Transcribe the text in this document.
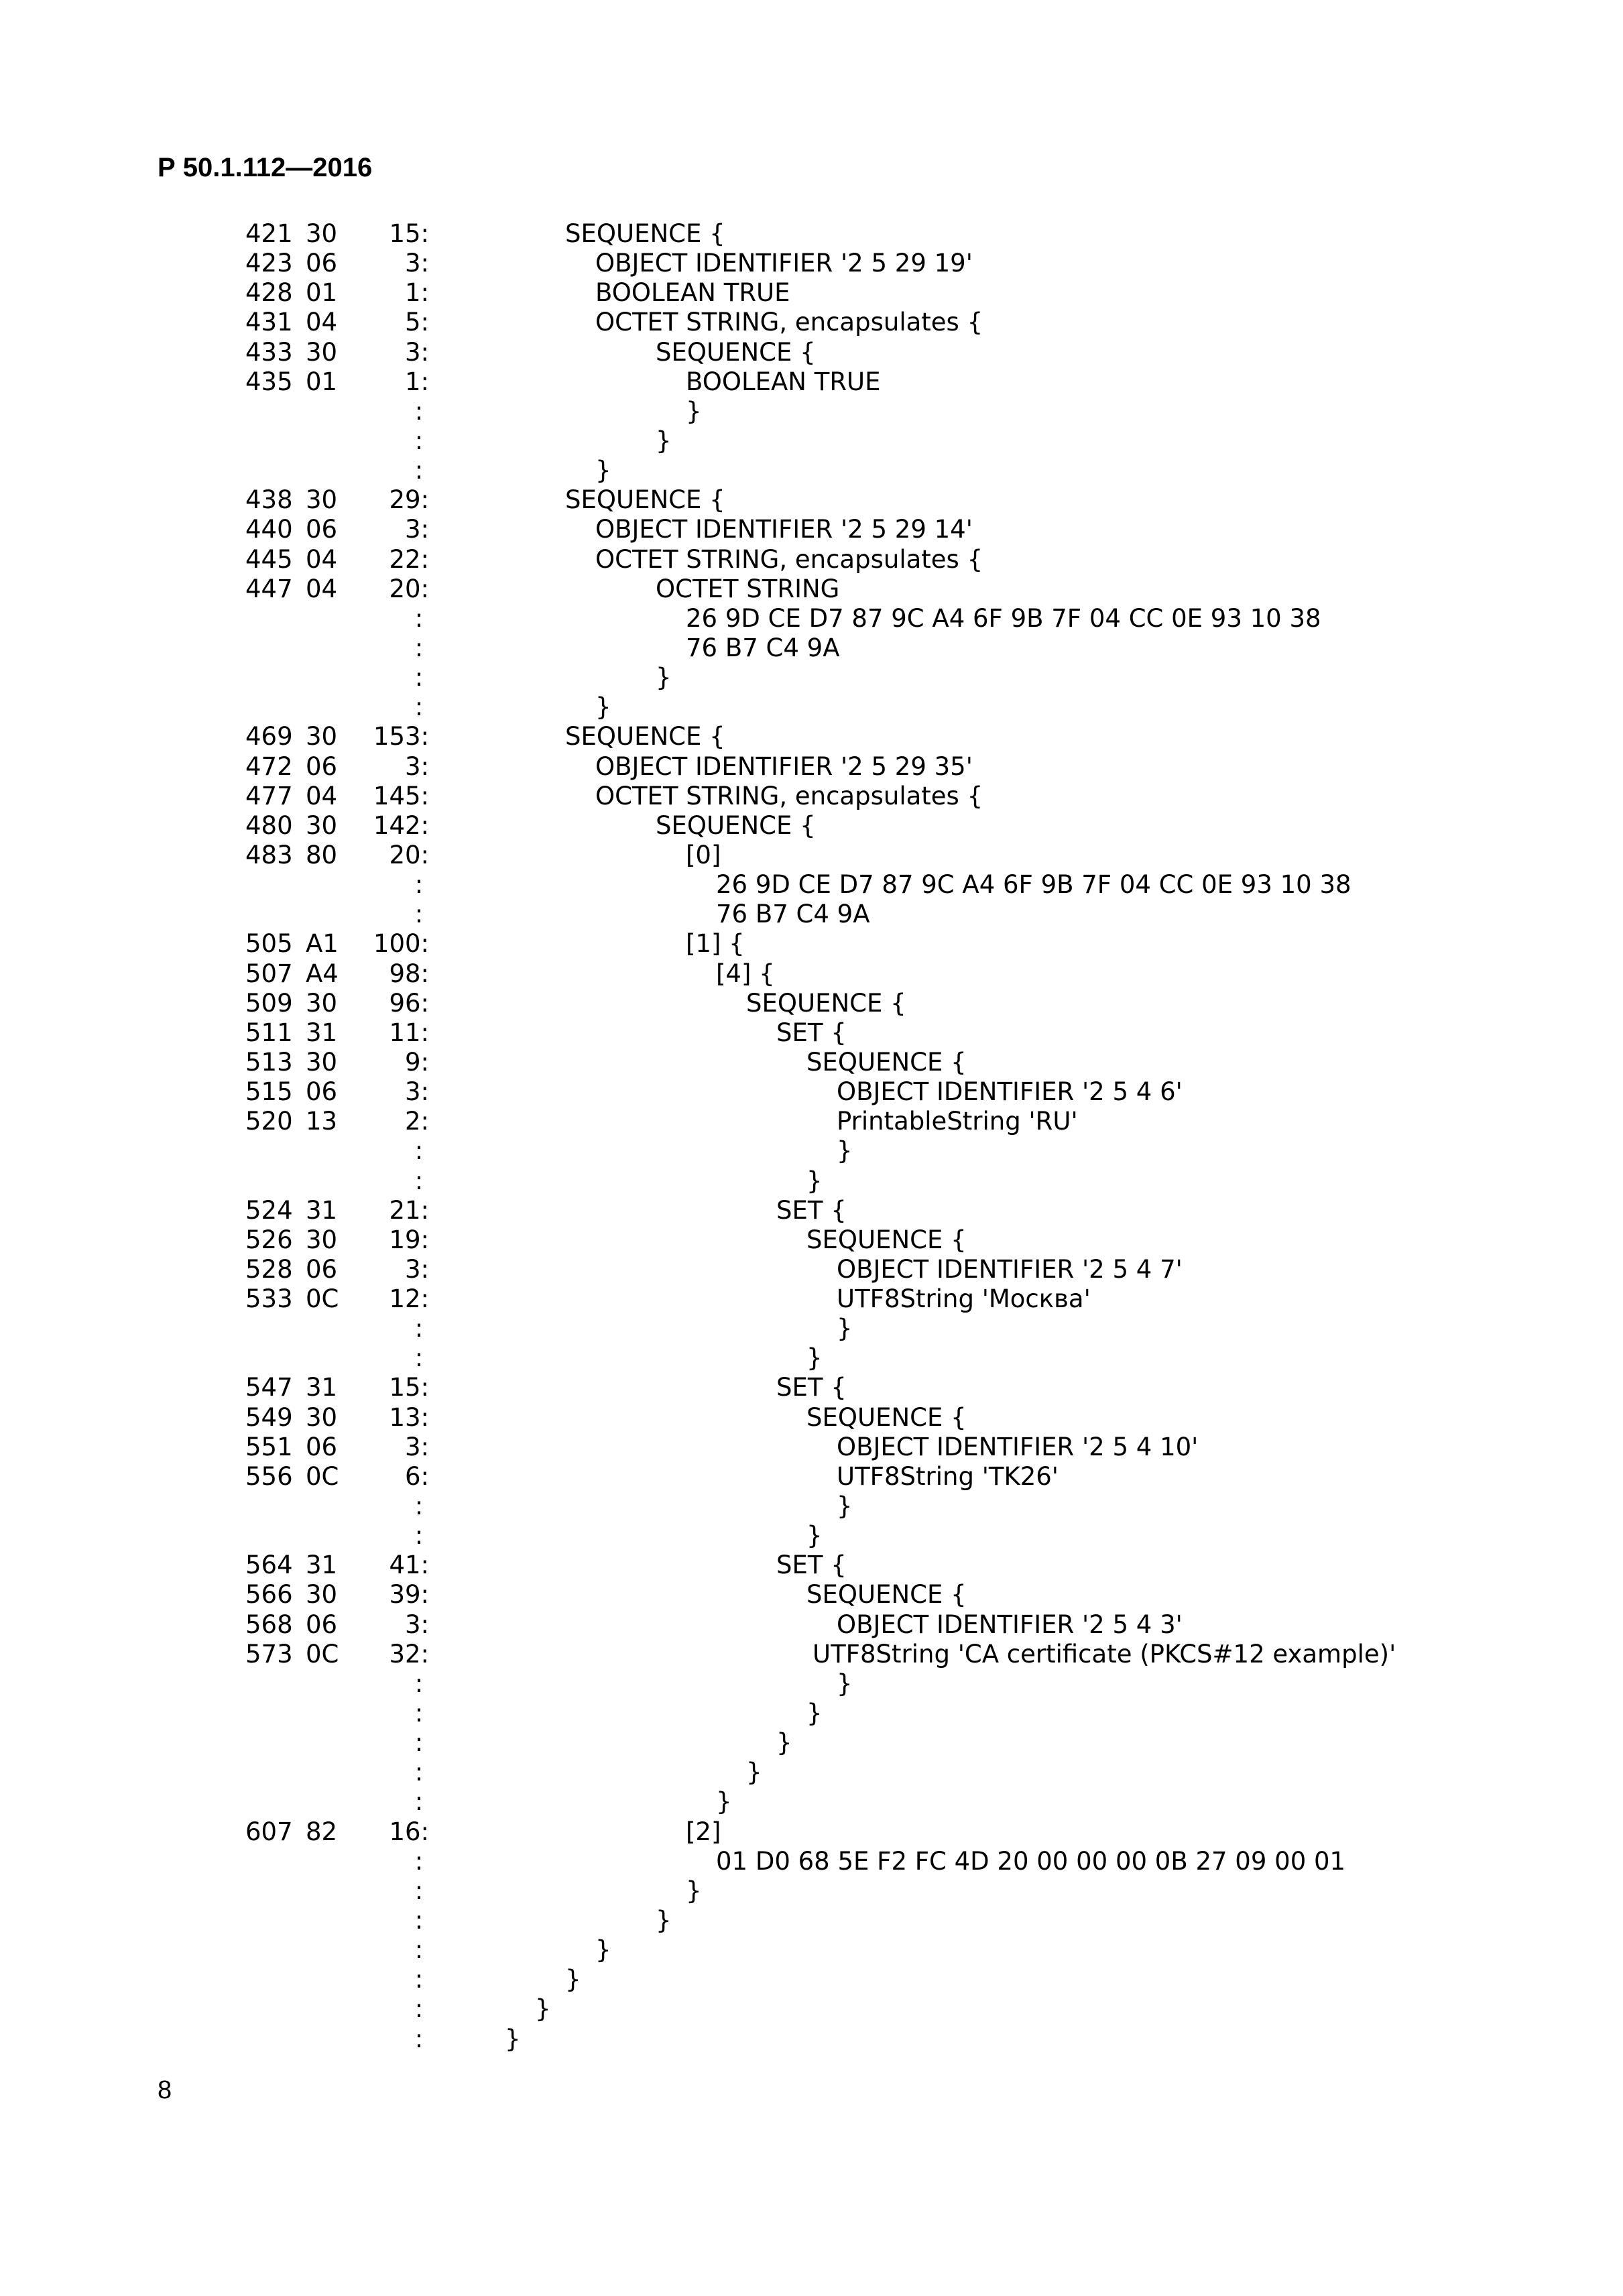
Р 50.1.112—2016
421 30	15:	SEQUENCE {
423 06	3:	OBJECT IDENTIFIER '2 5 29 19'
428 01	1:	BOOLEAN TRUE
431 04	5:	OCTET STRING, encapsulates {
433 30	3:	SEQUENCE {
435 01	1:	BOOLEAN TRUE
:	}
:	}
:	}
438 30	29:	SEQUENCE {
440 06	3:	OBJECT IDENTIFIER '2 5 29 14'
445 04	22:	OCTET STRING, encapsulates {
447 04	20:	OCTET STRING
:	26 9D CE D7 87 9C A4 6F 9B 7F 04 CC 0E 93 10 38
:	76 B7 C4 9A
:	}
:	}
469 30 153:	SEQUENCE {
472 06	3:	OBJECT IDENTIFIER '2 5 29 35'
477 04 145:	OCTET STRING, encapsulates {
480 30 142:	SEQUENCE {
483 80	20:	[0]
:	26 9D CE D7 87 9C A4 6F 9B 7F 04 CC 0E 93 10 38
:	76 B7 C4 9A
505 A1 100:	[1] {
507 A4	98:	[4] {
509 30	96:	SEQUENCE {
511 31	11:	SET {
513 30	9:	SEQUENCE {
515 06	3:	OBJECT IDENTIFIER '2 5 4 6'
520 13	2:	PrintableString 'RU'
:	}
:	}
524 31	21:	SET {
526 30	19:	SEQUENCE {
528 06	3:	OBJECT IDENTIFIER '2 5 4 7'
533 0C	12:	UTF8String 'Москва'
:	}
:	}
547 31	15:	SET {
549 30	13:	SEQUENCE {
551 06	3:	OBJECT IDENTIFIER '2 5 4 10'
556 0C	6:	UTF8String 'TK26'
:	}
:	}
564 31	41:	SET {
566 30	39:	SEQUENCE {
568 06	3:	OBJECT IDENTIFIER '2 5 4 3'
573 0C	32:	UTF8String 'CA certificate (PKCS#12 example)'
:	}
:	}
:	}
:	}
:	}
607 82	16:	[2]
:	01 D0 68 5E F2 FC 4D 20 00 00 00 0B 27 09 00 01
:	}
:	}
:	}
:	}
:	}
:	}
8
